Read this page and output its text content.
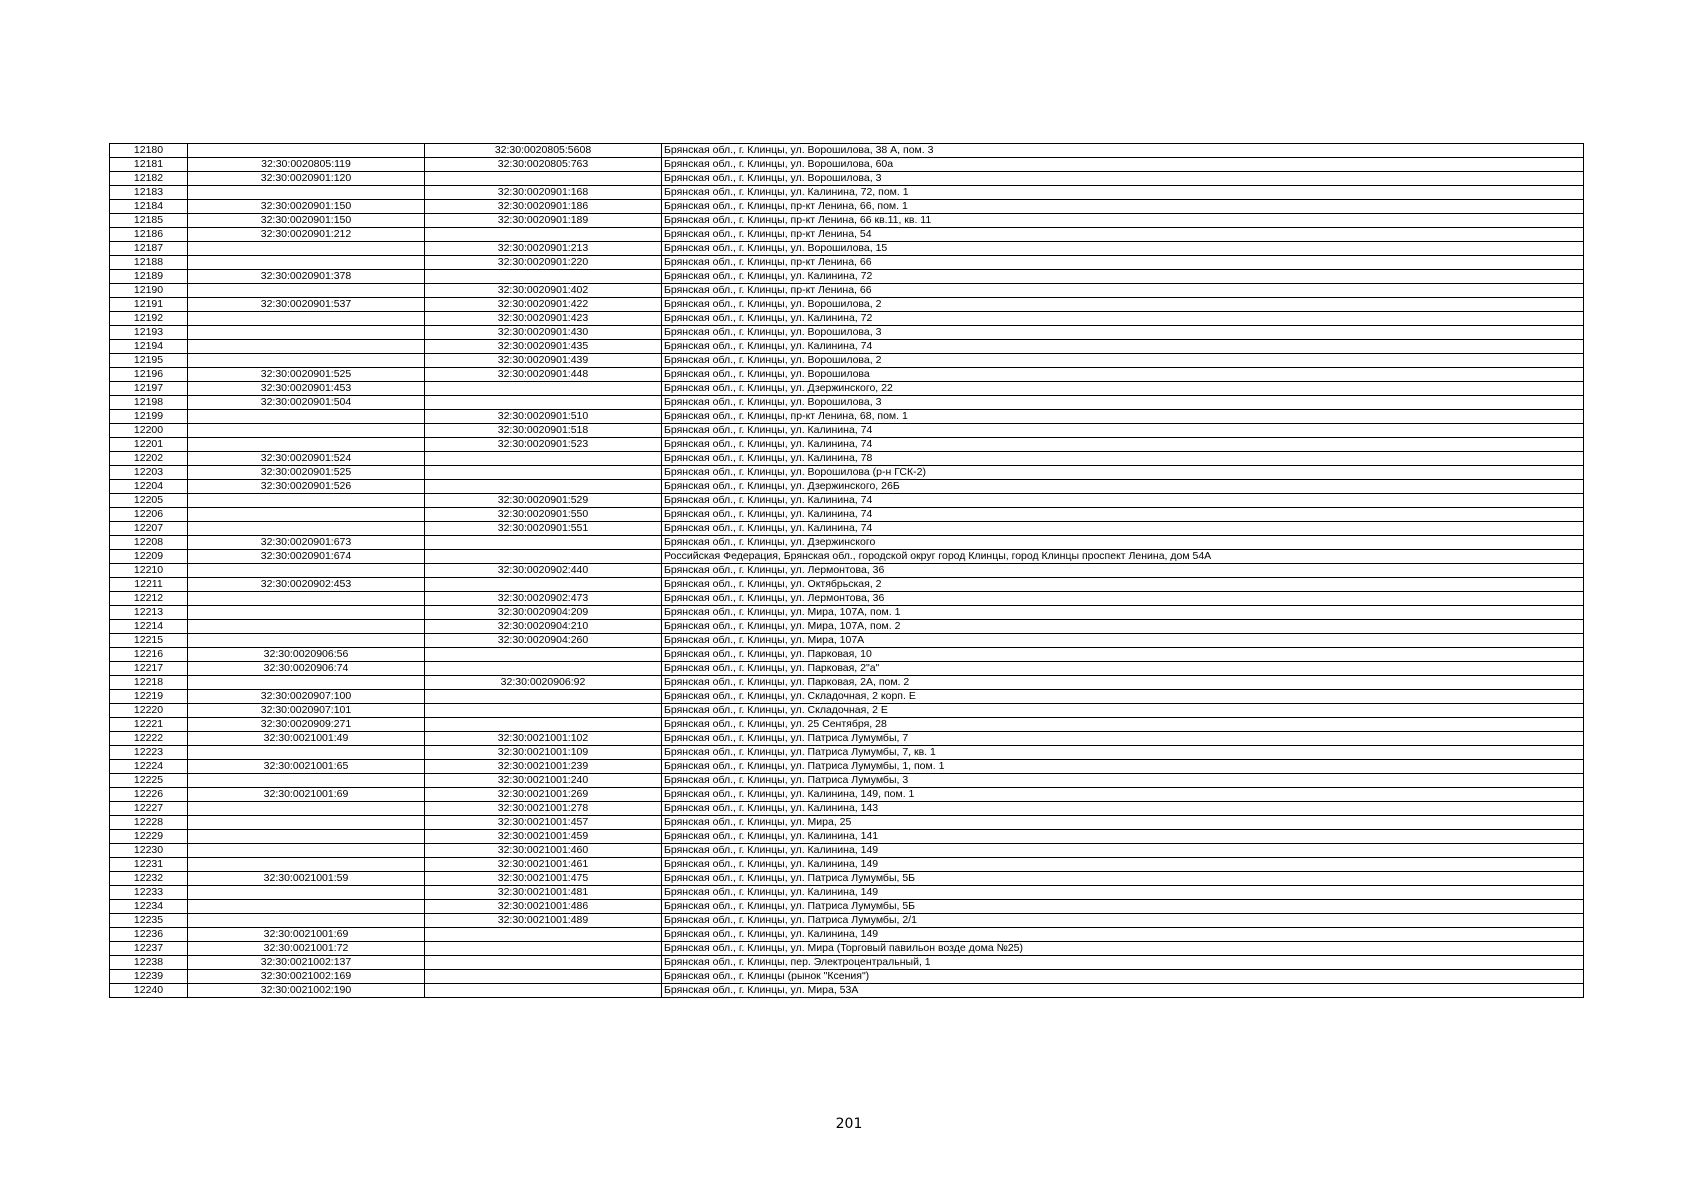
12180		32:30:0020805:5608	Брянская обл., г. Клинцы, ул. Ворошилова, 38 А, пом. 3
12181	32:30:0020805:119	32:30:0020805:763	Брянская обл., г. Клинцы, ул. Ворошилова, 60а
12182	32:30:0020901:120		Брянская обл., г. Клинцы, ул. Ворошилова, 3
12183		32:30:0020901:168	Брянская обл., г. Клинцы, ул. Калинина, 72, пом. 1
12184	32:30:0020901:150	32:30:0020901:186	Брянская обл., г. Клинцы, пр-кт Ленина, 66, пом. 1
12185	32:30:0020901:150	32:30:0020901:189	Брянская обл., г. Клинцы, пр-кт Ленина, 66 кв.11, кв. 11
12186	32:30:0020901:212		Брянская обл., г. Клинцы, пр-кт Ленина, 54
12187		32:30:0020901:213	Брянская обл., г. Клинцы, ул. Ворошилова, 15
12188		32:30:0020901:220	Брянская обл., г. Клинцы, пр-кт Ленина, 66
12189	32:30:0020901:378		Брянская обл., г. Клинцы, ул. Калинина, 72
12190		32:30:0020901:402	Брянская обл., г. Клинцы, пр-кт Ленина, 66
12191	32:30:0020901:537	32:30:0020901:422	Брянская обл., г. Клинцы, ул. Ворошилова, 2
12192		32:30:0020901:423	Брянская обл., г. Клинцы, ул. Калинина, 72
12193		32:30:0020901:430	Брянская обл., г. Клинцы, ул. Ворошилова, 3
12194		32:30:0020901:435	Брянская обл., г. Клинцы, ул. Калинина, 74
12195		32:30:0020901:439	Брянская обл., г. Клинцы, ул. Ворошилова, 2
12196	32:30:0020901:525	32:30:0020901:448	Брянская обл., г. Клинцы, ул. Ворошилова
12197	32:30:0020901:453		Брянская обл., г. Клинцы, ул. Дзержинского, 22
12198	32:30:0020901:504		Брянская обл., г. Клинцы, ул. Ворошилова, 3
12199		32:30:0020901:510	Брянская обл., г. Клинцы, пр-кт Ленина, 68, пом. 1
12200		32:30:0020901:518	Брянская обл., г. Клинцы, ул. Калинина, 74
12201		32:30:0020901:523	Брянская обл., г. Клинцы, ул. Калинина, 74
12202	32:30:0020901:524		Брянская обл., г. Клинцы, ул. Калинина, 78
12203	32:30:0020901:525		Брянская обл., г. Клинцы, ул. Ворошилова (р-н ГСК-2)
12204	32:30:0020901:526		Брянская обл., г. Клинцы, ул. Дзержинского, 26Б
12205		32:30:0020901:529	Брянская обл., г. Клинцы, ул. Калинина, 74
12206		32:30:0020901:550	Брянская обл., г. Клинцы, ул. Калинина, 74
12207		32:30:0020901:551	Брянская обл., г. Клинцы, ул. Калинина, 74
12208	32:30:0020901:673		Брянская обл., г. Клинцы, ул. Дзержинского
12209	32:30:0020901:674		Российская Федерация, Брянская обл., городской округ город Клинцы, город Клинцы проспект Ленина, дом 54А
12210		32:30:0020902:440	Брянская обл., г. Клинцы, ул. Лермонтова, 36
12211	32:30:0020902:453		Брянская обл., г. Клинцы, ул. Октябрьская, 2
12212		32:30:0020902:473	Брянская обл., г. Клинцы, ул. Лермонтова, 36
12213		32:30:0020904:209	Брянская обл., г. Клинцы, ул. Мира, 107А, пом. 1
12214		32:30:0020904:210	Брянская обл., г. Клинцы, ул. Мира, 107А, пом. 2
12215		32:30:0020904:260	Брянская обл., г. Клинцы, ул. Мира, 107А
12216	32:30:0020906:56		Брянская обл., г. Клинцы, ул. Парковая, 10
12217	32:30:0020906:74		Брянская обл., г. Клинцы, ул. Парковая, 2"а"
12218		32:30:0020906:92	Брянская обл., г. Клинцы, ул. Парковая, 2А, пом. 2
12219	32:30:0020907:100		Брянская обл., г. Клинцы, ул. Складочная, 2 корп. Е
12220	32:30:0020907:101		Брянская обл., г. Клинцы, ул. Складочная, 2 Е
12221	32:30:0020909:271		Брянская обл., г. Клинцы, ул. 25 Сентября, 28
12222	32:30:0021001:49	32:30:0021001:102	Брянская обл., г. Клинцы, ул. Патриса Лумумбы, 7
12223		32:30:0021001:109	Брянская обл., г. Клинцы, ул. Патриса Лумумбы, 7, кв. 1
12224	32:30:0021001:65	32:30:0021001:239	Брянская обл., г. Клинцы, ул. Патриса Лумумбы, 1, пом. 1
12225		32:30:0021001:240	Брянская обл., г. Клинцы, ул. Патриса Лумумбы, 3
12226	32:30:0021001:69	32:30:0021001:269	Брянская обл., г. Клинцы, ул. Калинина, 149, пом. 1
12227		32:30:0021001:278	Брянская обл., г. Клинцы, ул. Калинина, 143
12228		32:30:0021001:457	Брянская обл., г. Клинцы, ул. Мира, 25
12229		32:30:0021001:459	Брянская обл., г. Клинцы, ул. Калинина, 141
12230		32:30:0021001:460	Брянская обл., г. Клинцы, ул. Калинина, 149
12231		32:30:0021001:461	Брянская обл., г. Клинцы, ул. Калинина, 149
12232	32:30:0021001:59	32:30:0021001:475	Брянская обл., г. Клинцы, ул. Патриса Лумумбы, 5Б
12233		32:30:0021001:481	Брянская обл., г. Клинцы, ул. Калинина, 149
12234		32:30:0021001:486	Брянская обл., г. Клинцы, ул. Патриса Лумумбы, 5Б
12235		32:30:0021001:489	Брянская обл., г. Клинцы, ул. Патриса Лумумбы, 2/1
12236	32:30:0021001:69		Брянская обл., г. Клинцы, ул. Калинина, 149
12237	32:30:0021001:72		Брянская обл., г. Клинцы, ул. Мира (Торговый павильон возде дома №25)
12238	32:30:0021002:137		Брянская обл., г. Клинцы, пер. Электроцентральный, 1
12239	32:30:0021002:169		Брянская обл., г. Клинцы (рынок "Ксения")
12240	32:30:0021002:190		Брянская обл., г. Клинцы, ул. Мира, 53А
201
